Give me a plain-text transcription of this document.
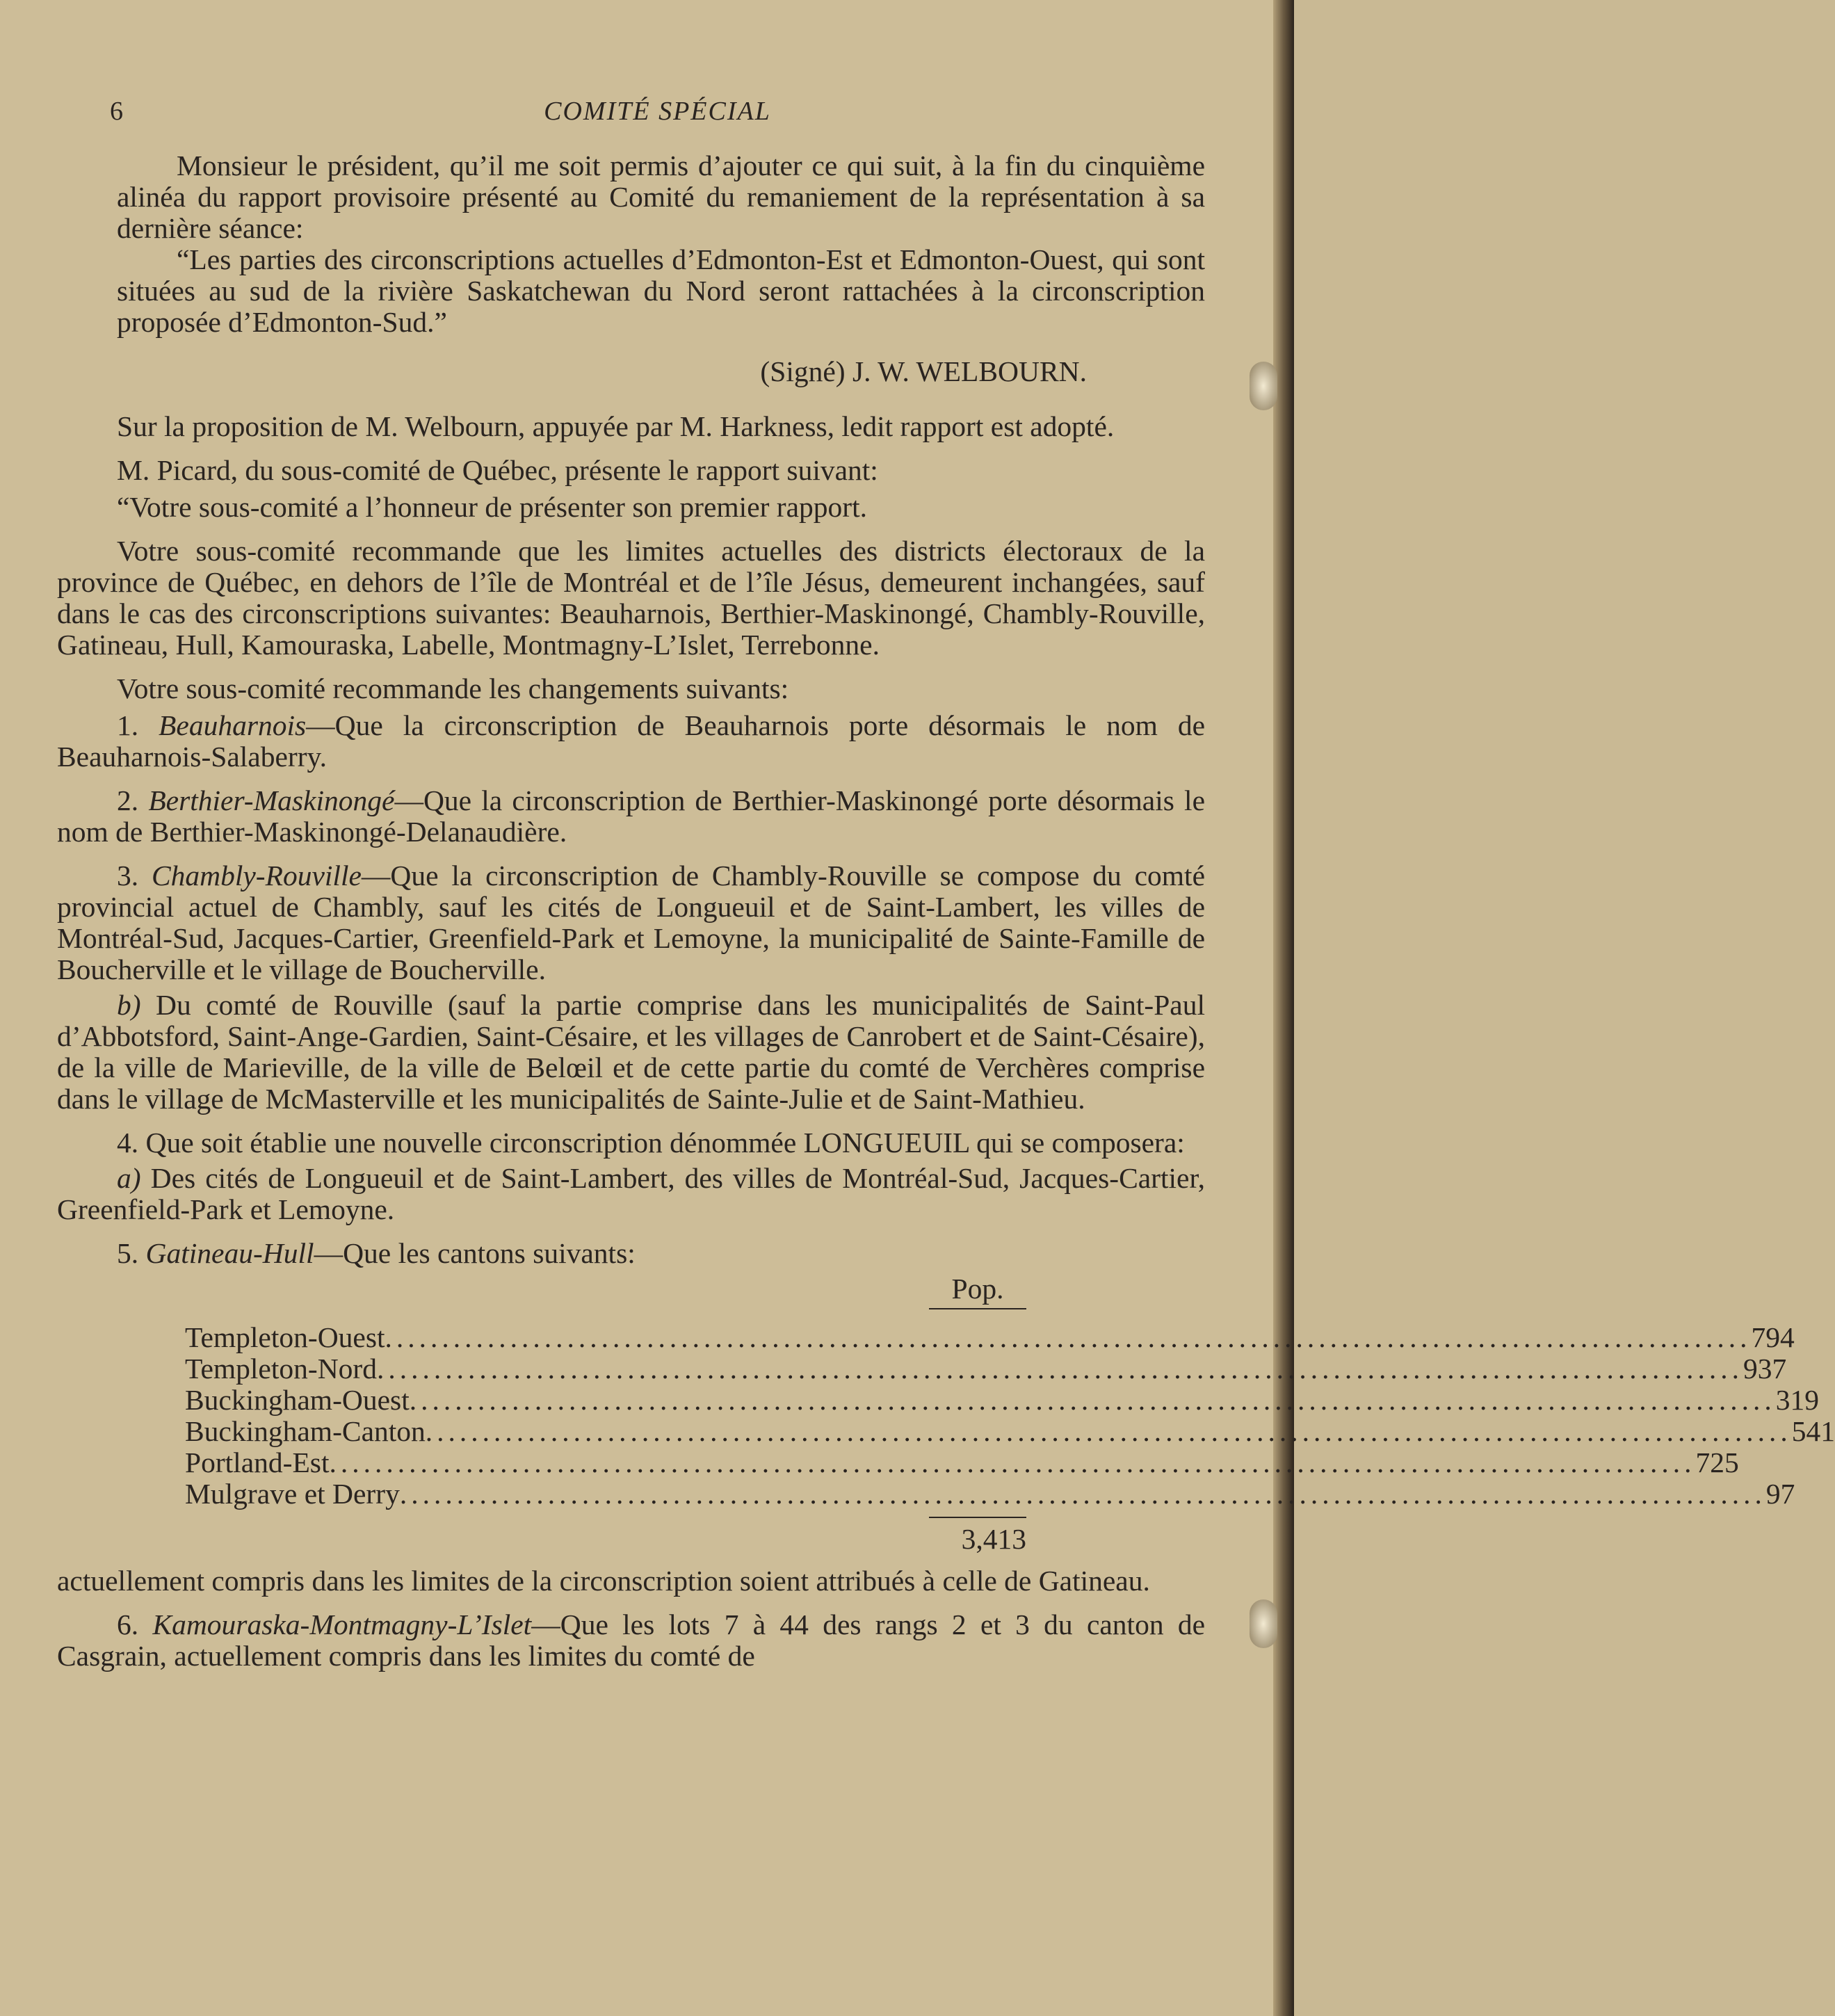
6	COMITÉ SPÉCIAL

Monsieur le président, qu’il me soit permis d’ajouter ce qui suit, à la fin du cinquième alinéa du rapport provisoire présenté au Comité du remaniement de la représentation à sa dernière séance:

“Les parties des circonscriptions actuelles d’Edmonton-Est et Edmonton-Ouest, qui sont situées au sud de la rivière Saskatchewan du Nord seront rattachées à la circonscription proposée d’Edmonton-Sud.”

(Signé) J. W. WELBOURN.

Sur la proposition de M. Welbourn, appuyée par M. Harkness, ledit rapport est adopté.

M. Picard, du sous-comité de Québec, présente le rapport suivant:

“Votre sous-comité a l’honneur de présenter son premier rapport.

Votre sous-comité recommande que les limites actuelles des districts électoraux de la province de Québec, en dehors de l’île de Montréal et de l’île Jésus, demeurent inchangées, sauf dans le cas des circonscriptions suivantes: Beauharnois, Berthier-Maskinongé, Chambly-Rouville, Gatineau, Hull, Kamouraska, Labelle, Montmagny-L’Islet, Terrebonne.

Votre sous-comité recommande les changements suivants:

1. Beauharnois—Que la circonscription de Beauharnois porte désormais le nom de Beauharnois-Salaberry.

2. Berthier-Maskinongé—Que la circonscription de Berthier-Maskinongé porte désormais le nom de Berthier-Maskinongé-Delanaudière.

3. Chambly-Rouville—Que la circonscription de Chambly-Rouville se compose du comté provincial actuel de Chambly, sauf les cités de Longueuil et de Saint-Lambert, les villes de Montréal-Sud, Jacques-Cartier, Greenfield-Park et Lemoyne, la municipalité de Sainte-Famille de Boucherville et le village de Boucherville.

b) Du comté de Rouville (sauf la partie comprise dans les municipalités de Saint-Paul d’Abbotsford, Saint-Ange-Gardien, Saint-Césaire, et les villages de Canrobert et de Saint-Césaire), de la ville de Marieville, de la ville de Belœil et de cette partie du comté de Verchères comprise dans le village de McMasterville et les municipalités de Sainte-Julie et de Saint-Mathieu.

4. Que soit établie une nouvelle circonscription dénommée LONGUEUIL qui se composera:

a) Des cités de Longueuil et de Saint-Lambert, des villes de Montréal-Sud, Jacques-Cartier, Greenfield-Park et Lemoyne.

5. Gatineau-Hull—Que les cantons suivants:

Pop.
Templeton-Ouest ........................................................................................................................ 794
Templeton-Nord ........................................................................................................................ 937
Buckingham-Ouest ........................................................................................................................ 319
Buckingham-Canton ........................................................................................................................ 541
Portland-Est ........................................................................................................................ 725
Mulgrave et Derry ........................................................................................................................ 97
3,413

actuellement compris dans les limites de la circonscription soient attribués à celle de Gatineau.

6. Kamouraska-Montmagny-L’Islet—Que les lots 7 à 44 des rangs 2 et 3 du canton de Casgrain, actuellement compris dans les limites du comté de
